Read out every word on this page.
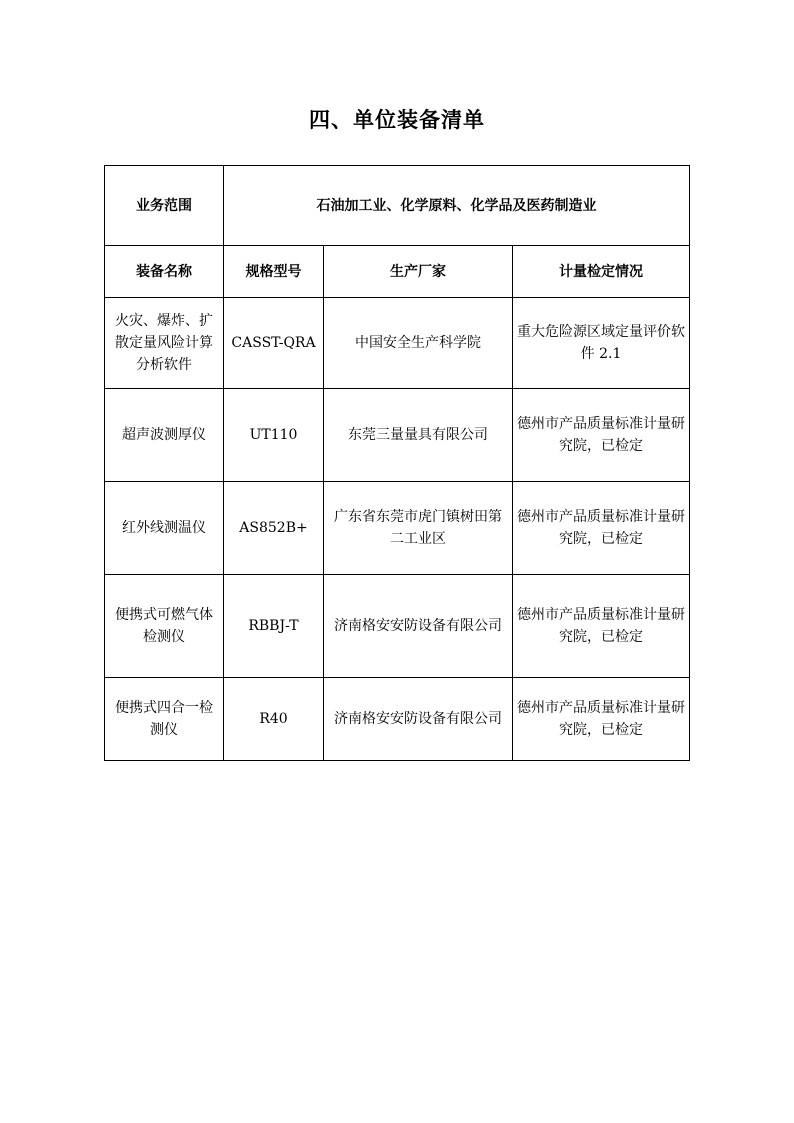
四、单位装备清单
业务范围	石油加工业、化学原料、化学品及医药制造业		
装备名称	规格型号	生产厂家	计量检定情况
火灾、爆炸、扩散定量风险计算分析软件	CASST-QRA	中国安全生产科学院	重大危险源区域定量评价软件 2.1
超声波测厚仪	UT110	东莞三量量具有限公司	德州市产品质量标准计量研究院，已检定
红外线测温仪	AS852B+	广东省东莞市虎门镇树田第二工业区	德州市产品质量标准计量研究院，已检定
便携式可燃气体检测仪	RBBJ-T	济南格安安防设备有限公司	德州市产品质量标准计量研究院，已检定
便携式四合一检测仪	R40	济南格安安防设备有限公司	德州市产品质量标准计量研究院，已检定
